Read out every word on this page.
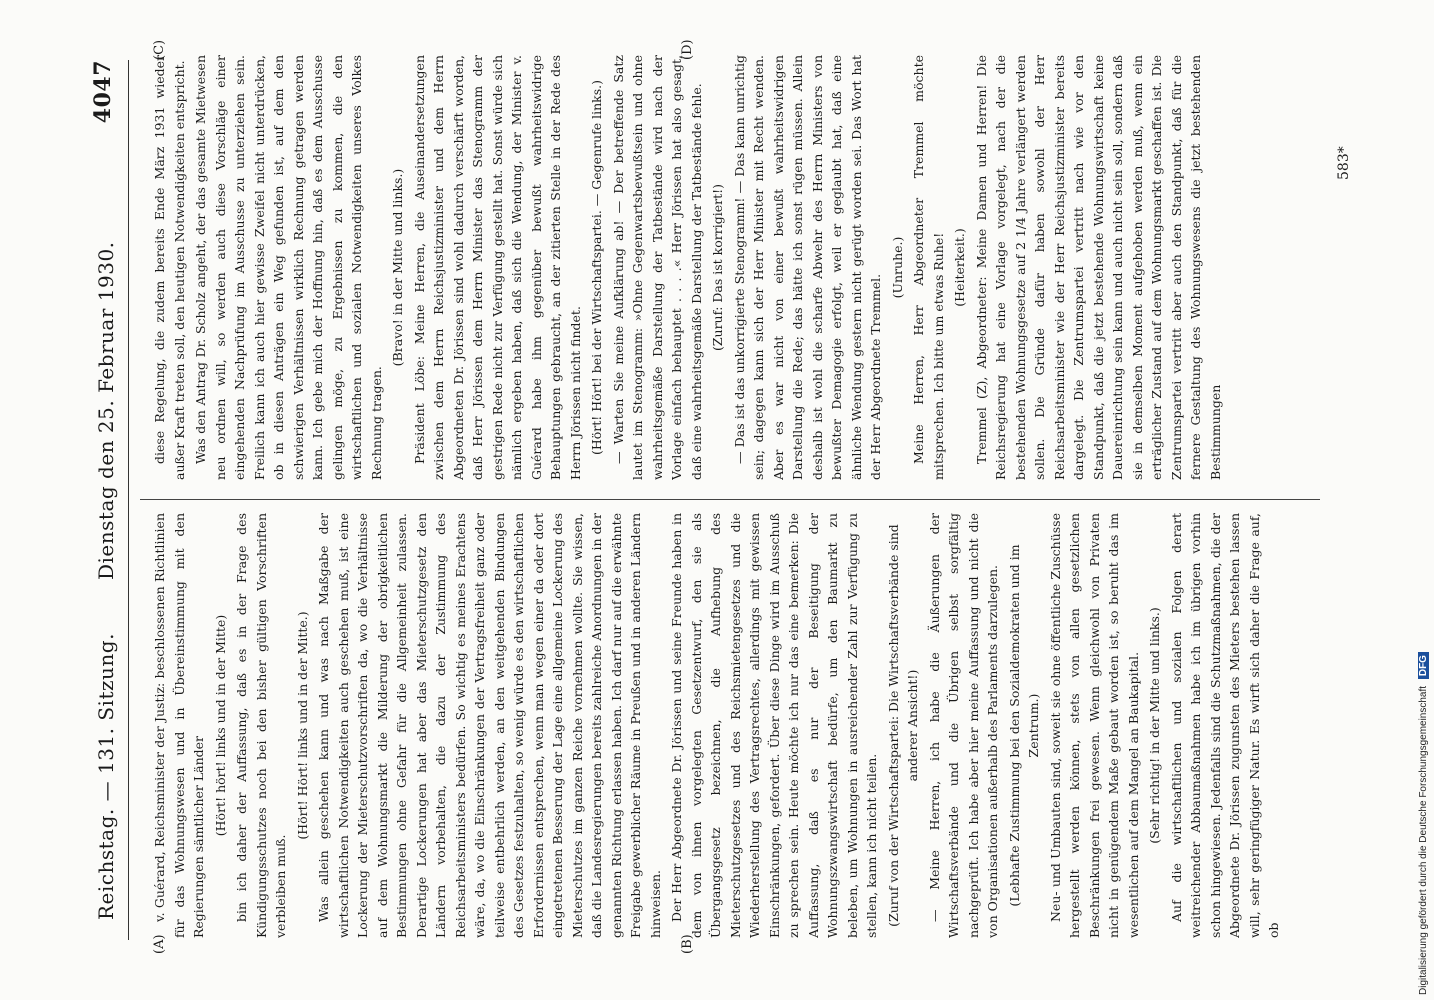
Reichstag. — 131. Sitzung.
Dienstag den 25. Februar 1930.
4047
(A)	(B)
(C)	(D)

v. Guérard, Reichsminister der Justiz: beschlossenen Richtlinien für das Wohnungswesen und in Übereinstimmung mit den Regierungen sämtlicher Länder

(Hört! hört! links und in der Mitte) bin ich daher der Auffassung, daß es in der Frage des Kündigungsschutzes noch bei den bisher gültigen Vorschriften verbleiben muß.

(Hört! Hört! links und in der Mitte.) Was allein geschehen kann und was nach Maßgabe der wirtschaftlichen Notwendigkeiten auch geschehen muß, ist eine Lockerung der Mieterschutzvorschriften da, wo die Verhältnisse auf dem Wohnungsmarkt die Milderung der obrigkeitlichen Bestimmungen ohne Gefahr für die Allgemeinheit zulassen. Derartige Lockerungen hat aber das Mieterschutzgesetz den Ländern vorbehalten, die dazu der Zustimmung des Reichsarbeitsministers bedürfen. So wichtig es meines Erachtens wäre, da, wo die Einschränkungen der Vertragsfreiheit ganz oder teilweise entbehrlich werden, an den weitgehenden Bindungen des Gesetzes festzuhalten, so wenig würde es den wirtschaftlichen Erfordernissen entsprechen, wenn man wegen einer da oder dort eingetretenen Besserung der Lage eine allgemeine Lockerung des Mieterschutzes im ganzen Reiche vornehmen wollte. Sie wissen, daß die Landesregierungen bereits zahlreiche Anordnungen in der genannten Richtung erlassen haben. Ich darf nur auf die erwähnte Freigabe gewerblicher Räume in Preußen und in anderen Ländern hinweisen. Der Herr Abgeordnete Dr. Jörissen und seine Freunde haben in dem von ihnen vorgelegten Gesetzentwurf, den sie als Übergangsgesetz bezeichnen, die Aufhebung des Mieterschutzgesetzes und des Reichsmietengesetzes und die Wiederherstellung des Vertragsrechtes, allerdings mit gewissen Einschränkungen, gefordert. Über diese Dinge wird im Ausschuß zu sprechen sein. Heute möchte ich nur das eine bemerken: Die Auffassung, daß es nur der Beseitigung der Wohnungszwangswirtschaft bedürfe, um den Baumarkt zu beleben, um Wohnungen in ausreichender Zahl zur Verfügung zu stellen, kann ich nicht teilen. (Zuruf von der Wirtschaftspartei: Die Wirtschaftsverbände sind anderer Ansicht!) — Meine Herren, ich habe die Äußerungen der Wirtschaftsverbände und die Übrigen selbst sorgfältig nachgeprüft. Ich habe aber hier meine Auffassung und nicht die von Organisationen außerhalb des Parlaments darzulegen. (Lebhafte Zustimmung bei den Sozialdemokraten und im Zentrum.) Neu- und Umbauten sind, soweit sie ohne öffentliche Zuschüsse hergestellt werden können, stets von allen gesetzlichen Beschränkungen frei gewesen. Wenn gleichwohl von Privaten nicht in genügendem Maße gebaut worden ist, so beruht das im wesentlichen auf dem Mangel an Baukapital. (Sehr richtig! in der Mitte und links.) Auf die wirtschaftlichen und sozialen Folgen derart weitreichender Abbaumaßnahmen habe ich im übrigen vorhin schon hingewiesen. Jedenfalls sind die Schutzmaßnahmen, die der Abgeordnete Dr. Jörissen zugunsten des Mieters bestehen lassen will, sehr geringfügiger Natur. Es wirft sich daher die Frage auf, ob

diese Regelung, die zudem bereits Ende März 1931 wieder außer Kraft treten soll, den heutigen Notwendigkeiten entspricht. Was den Antrag Dr. Scholz angeht, der das gesamte Mietwesen neu ordnen will, so werden auch diese Vorschläge einer eingehenden Nachprüfung im Ausschusse zu unterziehen sein. Freilich kann ich auch hier gewisse Zweifel nicht unterdrücken, ob in diesen Anträgen ein Weg gefunden ist, auf dem den schwierigen Verhältnissen wirklich Rechnung getragen werden kann. Ich gebe mich der Hoffnung hin, daß es dem Ausschusse gelingen möge, zu Ergebnissen zu kommen, die den wirtschaftlichen und sozialen Notwendigkeiten unseres Volkes Rechnung tragen.

(Bravo! in der Mitte und links.) Präsident Löbe: Meine Herren, die Auseinandersetzungen zwischen dem Herrn Reichsjustizminister und dem Herrn Abgeordneten Dr. Jörissen sind wohl dadurch verschärft worden, daß Herr Jörissen dem Herrn Minister das Stenogramm der gestrigen Rede nicht zur Verfügung gestellt hat. Sonst würde sich nämlich ergeben haben, daß sich die Wendung, der Minister v. Guérard habe ihm gegenüber bewußt wahrheitswidrige Behauptungen gebraucht, an der zitierten Stelle in der Rede des Herrn Jörissen nicht findet. (Hört! Hört! bei der Wirtschaftspartei. — Gegenrufe links.) — Warten Sie meine Aufklärung ab! — Der betreffende Satz lautet im Stenogramm: »Ohne Gegenwartsbewußtsein und ohne wahrheitsgemäße Darstellung der Tatbestände wird nach der Vorlage einfach behauptet . . . .« Herr Jörissen hat also gesagt, daß eine wahrheitsgemäße Darstellung der Tatbestände fehle. (Zuruf: Das ist korrigiert!) — Das ist das unkorrigierte Stenogramm! — Das kann unrichtig sein; dagegen kann sich der Herr Minister mit Recht wenden. Aber es war nicht von einer bewußt wahrheitswidrigen Darstellung die Rede; das hätte ich sonst rügen müssen. Allein deshalb ist wohl die scharfe Abwehr des Herrn Ministers von bewußter Demagogie erfolgt, weil er geglaubt hat, daß eine ähnliche Wendung gestern nicht gerügt worden sei. Das Wort hat der Herr Abgeordnete Tremmel.

(Unruhe.) Meine Herren, Herr Abgeordneter Tremmel möchte mitsprechen. Ich bitte um etwas Ruhe! (Heiterkeit.) Tremmel (Z), Abgeordneter: Meine Damen und Herren! Die Reichsregierung hat eine Vorlage vorgelegt, nach der die bestehenden Wohnungsgesetze auf 2 1/4 Jahre verlängert werden sollen. Die Gründe dafür haben sowohl der Herr Reichsarbeitsminister wie der Herr Reichsjustizminister bereits dargelegt. Die Zentrumspartei vertritt nach wie vor den Standpunkt, daß die jetzt bestehende Wohnungswirtschaft keine Dauereinrichtung sein kann und auch nicht sein soll, sondern daß sie in demselben Moment aufgehoben werden muß, wenn ein erträglicher Zustand auf dem Wohnungsmarkt geschaffen ist. Die Zentrumspartei vertritt aber auch den Standpunkt, daß für die fernere Gestaltung des Wohnungswesens die jetzt bestehenden Bestimmungen

583*
Digitalisierung gefördert durch die Deutsche Forschungsgemeinschaft DFG
